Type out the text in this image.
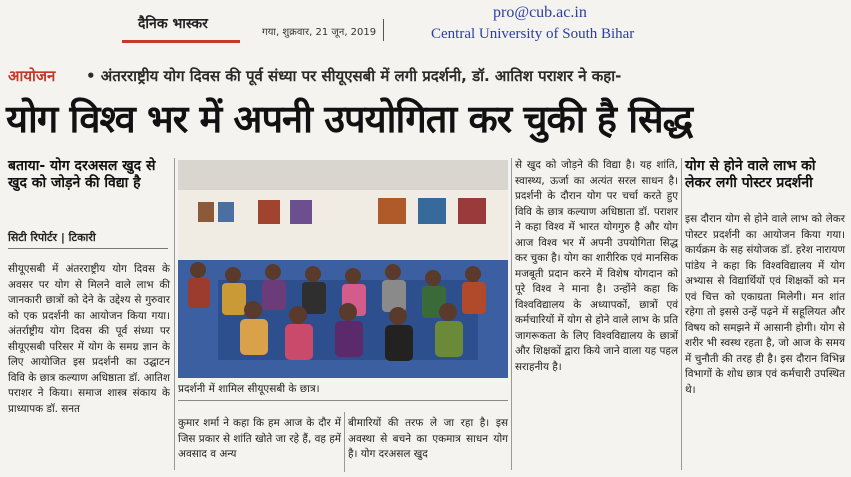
दैनिक भास्कर
गया, शुक्रवार, 21 जून, 2019
pro@cub.ac.in
Central University of South Bihar
आयोजन • अंतरराष्ट्रीय योग दिवस की पूर्व संध्या पर सीयूएसबी में लगी प्रदर्शनी, डॉ. आतिश पराशर ने कहा-
योग विश्व भर में अपनी उपयोगिता कर चुकी है सिद्ध
बताया- योग दरअसल खुद से खुद को जोड़ने की विद्या है
सिटी रिपोर्टर | टिकारी
सीयूएसबी में अंतरराष्ट्रीय योग दिवस के अवसर पर योग से मिलने वाले लाभ की जानकारी छात्रों को देने के उद्देश्य से गुरुवार को एक प्रदर्शनी का आयोजन किया गया। अंतर्राष्ट्रीय योग दिवस की पूर्व संध्या पर सीयूएसबी परिसर में योग के समग्र ज्ञान के लिए आयोजित इस प्रदर्शनी का उद्घाटन विवि के छात्र कल्याण अधिष्ठाता डॉ. आतिश पराशर ने किया। समाज शास्त्र संकाय के प्राध्यापक डॉ. सनत
प्रदर्शनी में शामिल सीयूएसबी के छात्र।
कुमार शर्मा ने कहा कि हम आज के दौर में जिस प्रकार से शांति खोते जा रहे हैं, वह हमें अवसाद व अन्य
बीमारियों की तरफ ले जा रहा है। इस अवस्था से बचने का एकमात्र साधन योग है। योग दरअसल खुद
से खुद को जोड़ने की विद्या है। यह शांति, स्वास्थ्य, ऊर्जा का अत्यंत सरल साधन है। प्रदर्शनी के दौरान योग पर चर्चा करते हुए विवि के छात्र कल्याण अधिष्ठाता डॉ. पराशर ने कहा विश्व में भारत योगगुरु है और योग आज विश्व भर में अपनी उपयोगिता सिद्ध कर चुका है। योग का शारीरिक एवं मानसिक मजबूती प्रदान करने में विशेष योगदान को पूरे विश्व ने माना है। उन्होंने कहा कि विश्वविद्यालय के अध्यापकों, छात्रों एवं कर्मचारियों में योग से होने वाले लाभ के प्रति जागरूकता के लिए विश्वविद्यालय के छात्रों और शिक्षकों द्वारा किये जाने वाला यह पहल सराहनीय है।
योग से होने वाले लाभ को लेकर लगी पोस्टर प्रदर्शनी
इस दौरान योग से होने वाले लाभ को लेकर पोस्टर प्रदर्शनी का आयोजन किया गया। कार्यक्रम के सह संयोजक डॉ. हरेश नारायण पांडेय ने कहा कि विश्वविद्यालय में योग अभ्यास से विद्यार्थियों एवं शिक्षकों को मन एवं चित्त को एकाग्रता मिलेगी। मन शांत रहेगा तो इससे उन्हें पढ़ने में सहूलियत और विषय को समझने में आसानी होगी। योग से शरीर भी स्वस्थ रहता है, जो आज के समय में चुनौती की तरह ही है। इस दौरान विभिन्न विभागों के शोध छात्र एवं कर्मचारी उपस्थित थे।
